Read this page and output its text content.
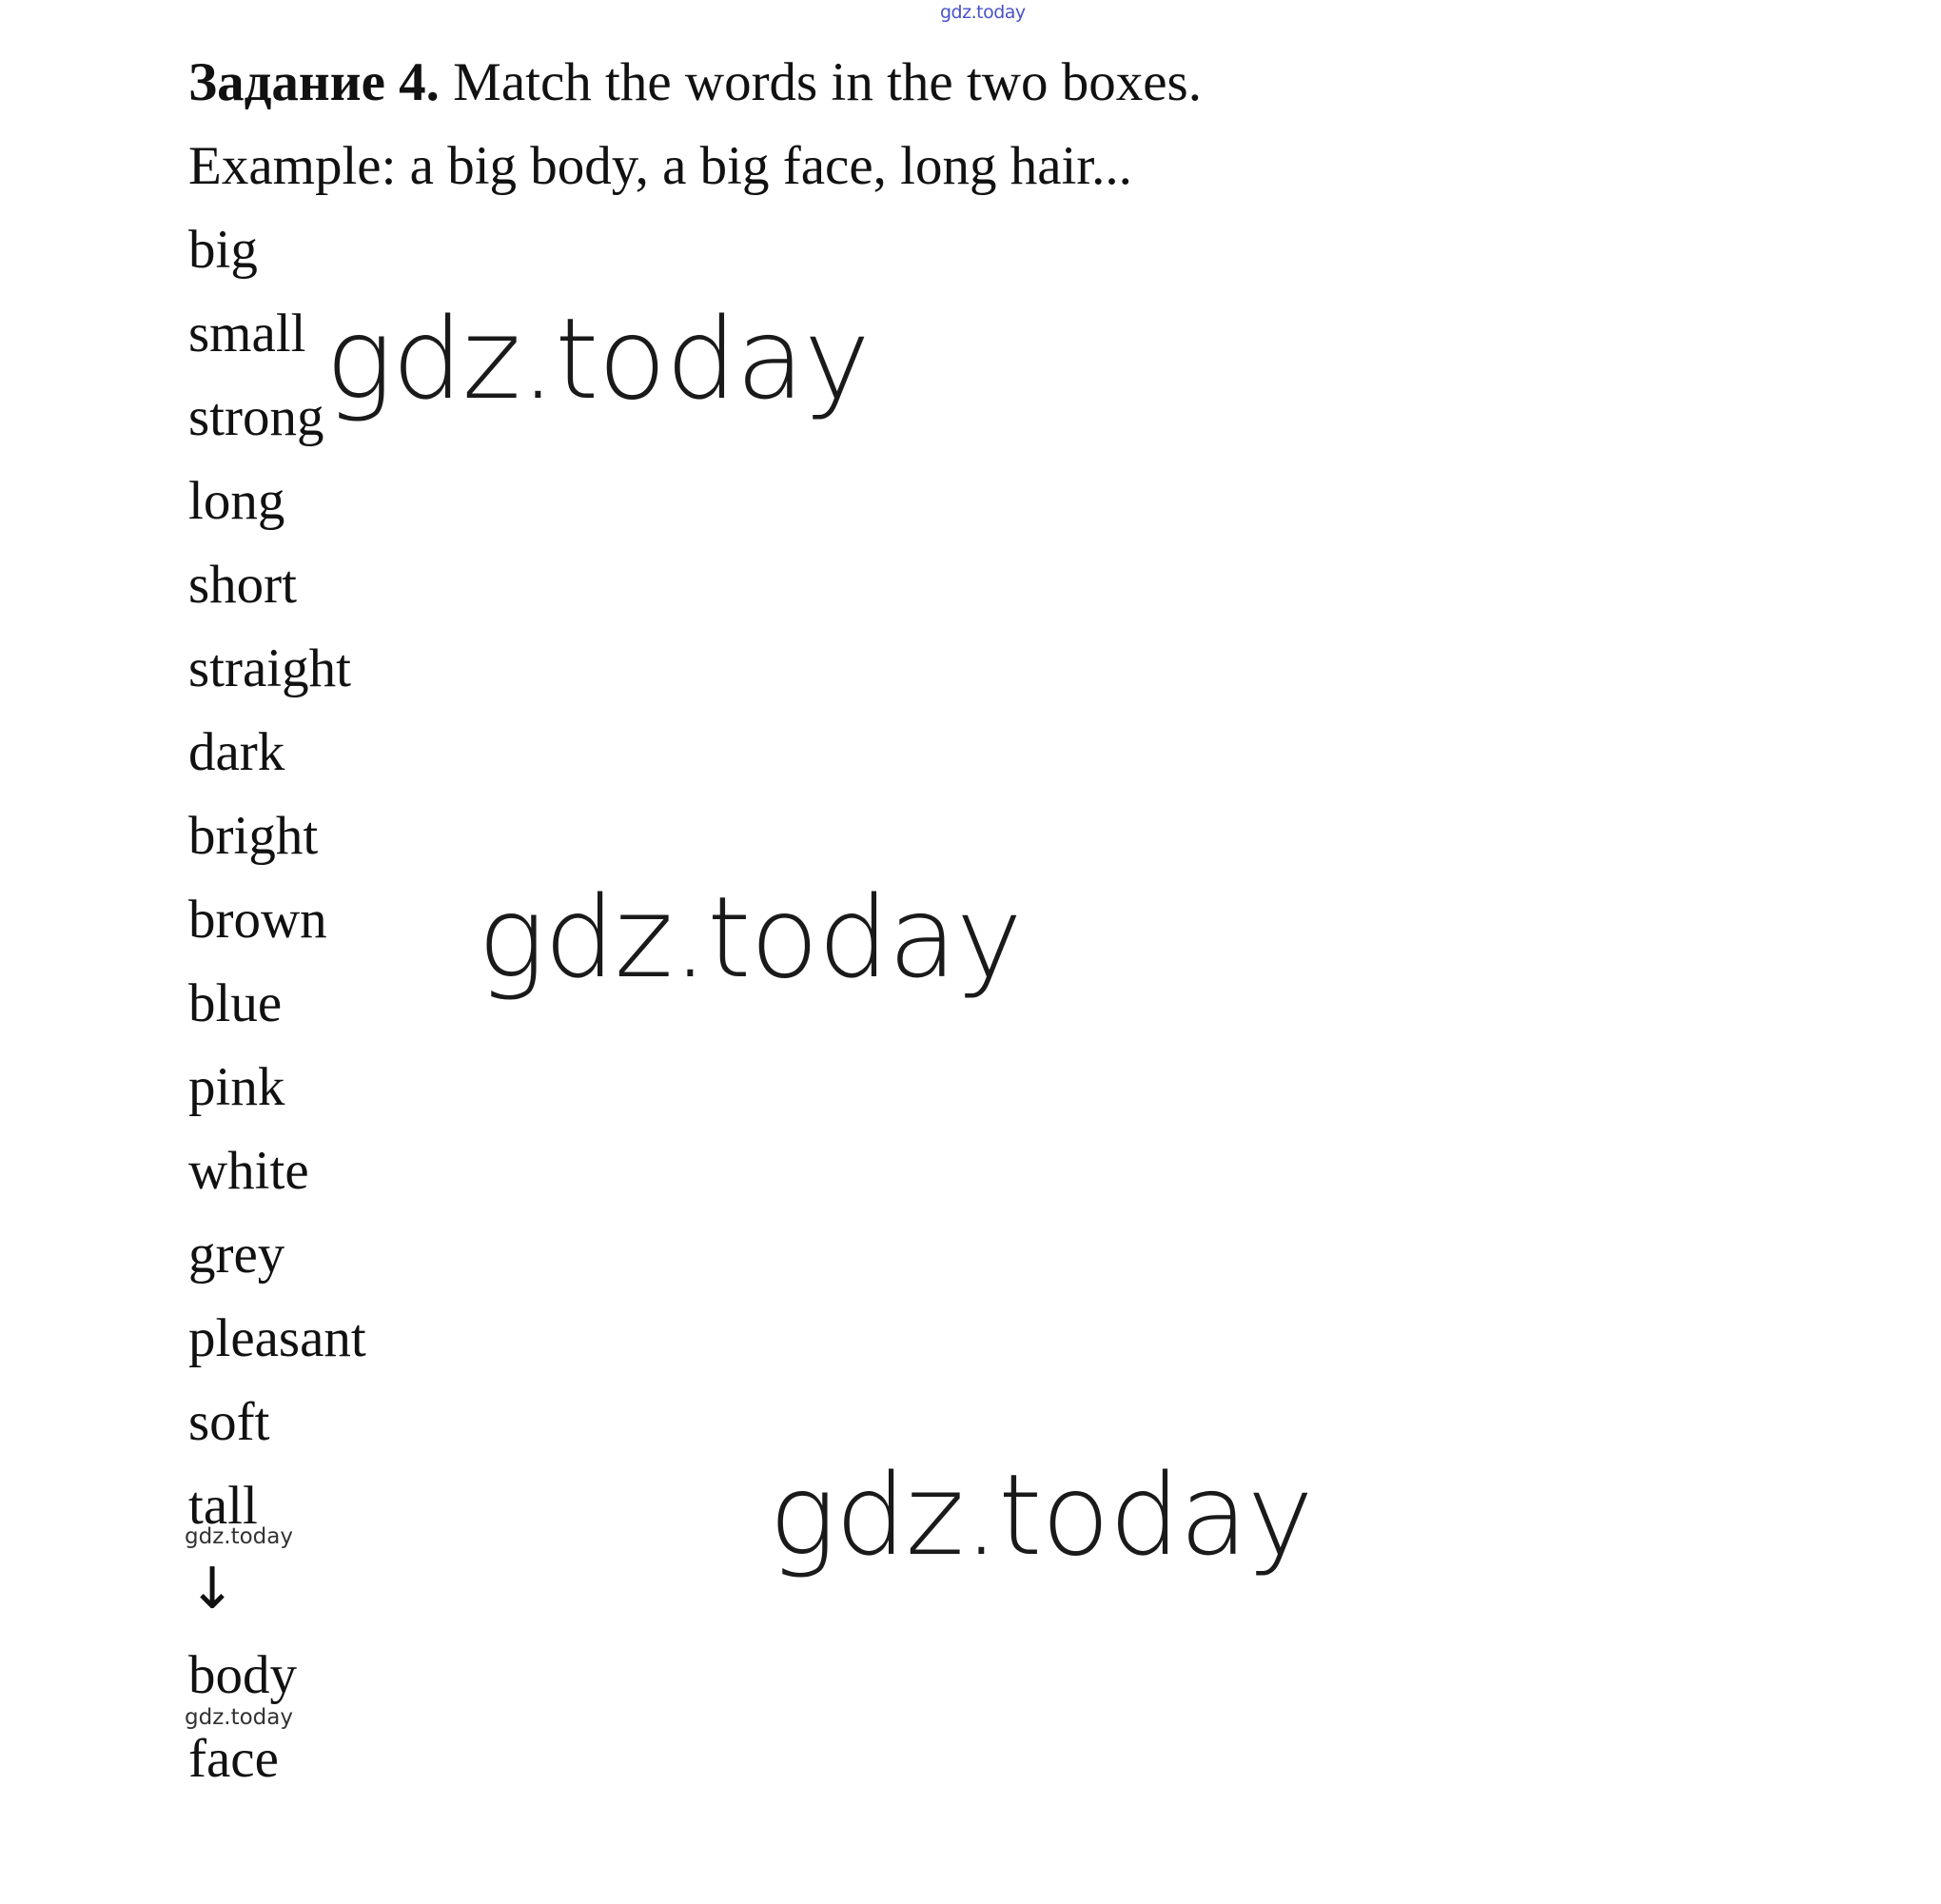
gdz.today
Задание 4. Match the words in the two boxes.
Example: a big body, a big face, long hair...
big
small
strong
long
short
straight
dark
bright
brown
blue
pink
white
grey
pleasant
soft
tall
gdz.today
↓
body
gdz.today
face
gdz.today
gdz.today
gdz.today
